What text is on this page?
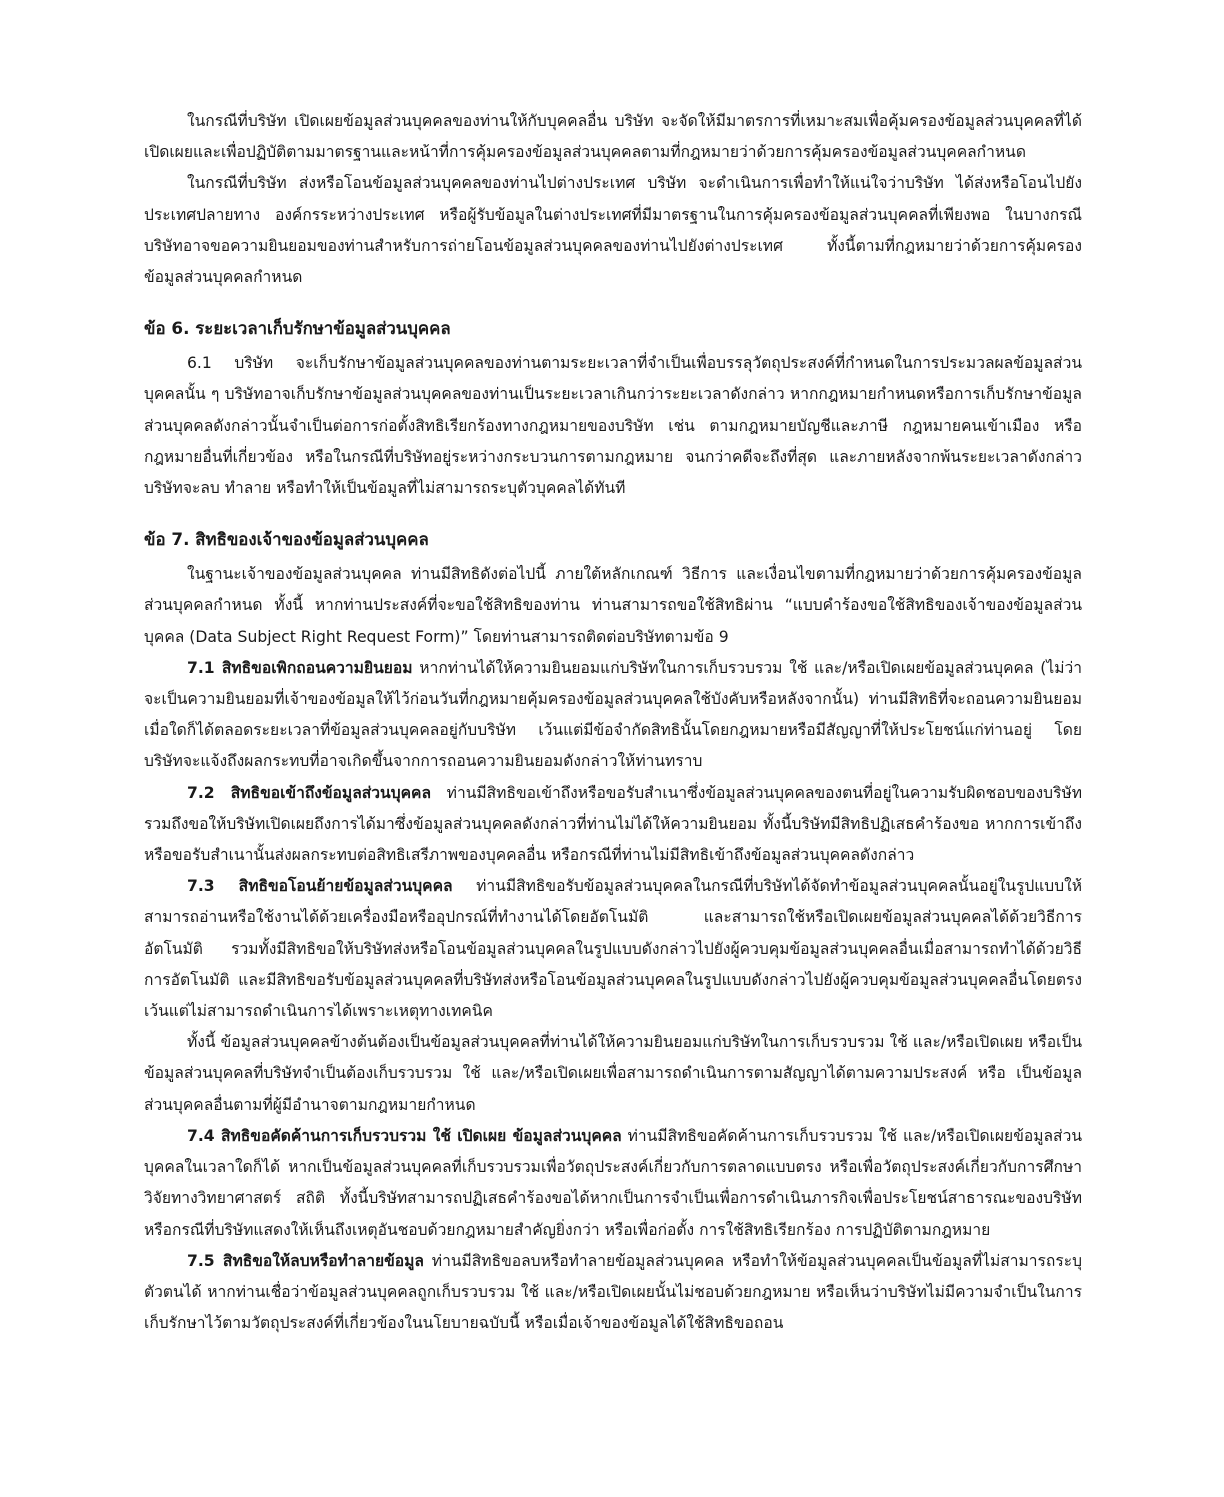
ในกรณีที่บริษัท เปิดเผยข้อมูลส่วนบุคคลของท่านให้กับบุคคลอื่น บริษัท จะจัดให้มีมาตรการที่เหมาะสมเพื่อคุ้มครองข้อมูลส่วนบุคคลที่ได้เปิดเผยและเพื่อปฏิบัติตามมาตรฐานและหน้าที่การคุ้มครองข้อมูลส่วนบุคคลตามที่กฎหมายว่าด้วยการคุ้มครองข้อมูลส่วนบุคคลกำหนด

ในกรณีที่บริษัท ส่งหรือโอนข้อมูลส่วนบุคคลของท่านไปต่างประเทศ บริษัท จะดำเนินการเพื่อทำให้แน่ใจว่าบริษัท ได้ส่งหรือโอนไปยังประเทศปลายทาง องค์กรระหว่างประเทศ หรือผู้รับข้อมูลในต่างประเทศที่มีมาตรฐานในการคุ้มครองข้อมูลส่วนบุคคลที่เพียงพอ ในบางกรณี บริษัทอาจขอความยินยอมของท่านสำหรับการถ่ายโอนข้อมูลส่วนบุคคลของท่านไปยังต่างประเทศ ทั้งนี้ตามที่กฎหมายว่าด้วยการคุ้มครองข้อมูลส่วนบุคคลกำหนด

ข้อ 6. ระยะเวลาเก็บรักษาข้อมูลส่วนบุคคล

6.1 บริษัท จะเก็บรักษาข้อมูลส่วนบุคคลของท่านตามระยะเวลาที่จำเป็นเพื่อบรรลุวัตถุประสงค์ที่กำหนดในการประมวลผลข้อมูลส่วนบุคคลนั้น ๆ บริษัทอาจเก็บรักษาข้อมูลส่วนบุคคลของท่านเป็นระยะเวลาเกินกว่าระยะเวลาดังกล่าว หากกฎหมายกำหนดหรือการเก็บรักษาข้อมูลส่วนบุคคลดังกล่าวนั้นจำเป็นต่อการก่อตั้งสิทธิเรียกร้องทางกฎหมายของบริษัท เช่น ตามกฎหมายบัญชีและภาษี กฎหมายคนเข้าเมือง หรือกฎหมายอื่นที่เกี่ยวข้อง หรือในกรณีที่บริษัทอยู่ระหว่างกระบวนการตามกฎหมาย จนกว่าคดีจะถึงที่สุด และภายหลังจากพ้นระยะเวลาดังกล่าว บริษัทจะลบ ทำลาย หรือทำให้เป็นข้อมูลที่ไม่สามารถระบุตัวบุคคลได้ทันที

ข้อ 7. สิทธิของเจ้าของข้อมูลส่วนบุคคล

ในฐานะเจ้าของข้อมูลส่วนบุคคล ท่านมีสิทธิดังต่อไปนี้ ภายใต้หลักเกณฑ์ วิธีการ และเงื่อนไขตามที่กฎหมายว่าด้วยการคุ้มครองข้อมูลส่วนบุคคลกำหนด ทั้งนี้ หากท่านประสงค์ที่จะขอใช้สิทธิของท่าน ท่านสามารถขอใช้สิทธิผ่าน “แบบคำร้องขอใช้สิทธิของเจ้าของข้อมูลส่วนบุคคล (Data Subject Right Request Form)” โดยท่านสามารถติดต่อบริษัทตามข้อ 9

7.1 สิทธิขอเพิกถอนความยินยอม หากท่านได้ให้ความยินยอมแก่บริษัทในการเก็บรวบรวม ใช้ และ/หรือเปิดเผยข้อมูลส่วนบุคคล (ไม่ว่าจะเป็นความยินยอมที่เจ้าของข้อมูลให้ไว้ก่อนวันที่กฎหมายคุ้มครองข้อมูลส่วนบุคคลใช้บังคับหรือหลังจากนั้น) ท่านมีสิทธิที่จะถอนความยินยอมเมื่อใดก็ได้ตลอดระยะเวลาที่ข้อมูลส่วนบุคคลอยู่กับบริษัท เว้นแต่มีข้อจำกัดสิทธินั้นโดยกฎหมายหรือมีสัญญาที่ให้ประโยชน์แก่ท่านอยู่ โดยบริษัทจะแจ้งถึงผลกระทบที่อาจเกิดขึ้นจากการถอนความยินยอมดังกล่าวให้ท่านทราบ

7.2 สิทธิขอเข้าถึงข้อมูลส่วนบุคคล ท่านมีสิทธิขอเข้าถึงหรือขอรับสำเนาซึ่งข้อมูลส่วนบุคคลของตนที่อยู่ในความรับผิดชอบของบริษัทรวมถึงขอให้บริษัทเปิดเผยถึงการได้มาซึ่งข้อมูลส่วนบุคคลดังกล่าวที่ท่านไม่ได้ให้ความยินยอม ทั้งนี้บริษัทมีสิทธิปฏิเสธคำร้องขอ หากการเข้าถึงหรือขอรับสำเนานั้นส่งผลกระทบต่อสิทธิเสรีภาพของบุคคลอื่น หรือกรณีที่ท่านไม่มีสิทธิเข้าถึงข้อมูลส่วนบุคคลดังกล่าว

7.3 สิทธิขอโอนย้ายข้อมูลส่วนบุคคล ท่านมีสิทธิขอรับข้อมูลส่วนบุคคลในกรณีที่บริษัทได้จัดทำข้อมูลส่วนบุคคลนั้นอยู่ในรูปแบบให้สามารถอ่านหรือใช้งานได้ด้วยเครื่องมือหรืออุปกรณ์ที่ทำงานได้โดยอัตโนมัติ และสามารถใช้หรือเปิดเผยข้อมูลส่วนบุคคลได้ด้วยวิธีการอัตโนมัติ รวมทั้งมีสิทธิขอให้บริษัทส่งหรือโอนข้อมูลส่วนบุคคลในรูปแบบดังกล่าวไปยังผู้ควบคุมข้อมูลส่วนบุคคลอื่นเมื่อสามารถทำได้ด้วยวิธีการอัตโนมัติ และมีสิทธิขอรับข้อมูลส่วนบุคคลที่บริษัทส่งหรือโอนข้อมูลส่วนบุคคลในรูปแบบดังกล่าวไปยังผู้ควบคุมข้อมูลส่วนบุคคลอื่นโดยตรง เว้นแต่ไม่สามารถดำเนินการได้เพราะเหตุทางเทคนิค

ทั้งนี้ ข้อมูลส่วนบุคคลข้างต้นต้องเป็นข้อมูลส่วนบุคคลที่ท่านได้ให้ความยินยอมแก่บริษัทในการเก็บรวบรวม ใช้ และ/หรือเปิดเผย หรือเป็นข้อมูลส่วนบุคคลที่บริษัทจำเป็นต้องเก็บรวบรวม ใช้ และ/หรือเปิดเผยเพื่อสามารถดำเนินการตามสัญญาได้ตามความประสงค์ หรือ เป็นข้อมูลส่วนบุคคลอื่นตามที่ผู้มีอำนาจตามกฎหมายกำหนด

7.4 สิทธิขอคัดค้านการเก็บรวบรวม ใช้ เปิดเผย ข้อมูลส่วนบุคคล ท่านมีสิทธิขอคัดค้านการเก็บรวบรวม ใช้ และ/หรือเปิดเผยข้อมูลส่วนบุคคลในเวลาใดก็ได้ หากเป็นข้อมูลส่วนบุคคลที่เก็บรวบรวมเพื่อวัตถุประสงค์เกี่ยวกับการตลาดแบบตรง หรือเพื่อวัตถุประสงค์เกี่ยวกับการศึกษาวิจัยทางวิทยาศาสตร์ สถิติ ทั้งนี้บริษัทสามารถปฏิเสธคำร้องขอได้หากเป็นการจำเป็นเพื่อการดำเนินภารกิจเพื่อประโยชน์สาธารณะของบริษัท หรือกรณีที่บริษัทแสดงให้เห็นถึงเหตุอันชอบด้วยกฎหมายสำคัญยิ่งกว่า หรือเพื่อก่อตั้ง การใช้สิทธิเรียกร้อง การปฏิบัติตามกฎหมาย

7.5 สิทธิขอให้ลบหรือทำลายข้อมูล ท่านมีสิทธิขอลบหรือทำลายข้อมูลส่วนบุคคล หรือทำให้ข้อมูลส่วนบุคคลเป็นข้อมูลที่ไม่สามารถระบุตัวตนได้ หากท่านเชื่อว่าข้อมูลส่วนบุคคลถูกเก็บรวบรวม ใช้ และ/หรือเปิดเผยนั้นไม่ชอบด้วยกฎหมาย หรือเห็นว่าบริษัทไม่มีความจำเป็นในการเก็บรักษาไว้ตามวัตถุประสงค์ที่เกี่ยวข้องในนโยบายฉบับนี้ หรือเมื่อเจ้าของข้อมูลได้ใช้สิทธิขอถอน
